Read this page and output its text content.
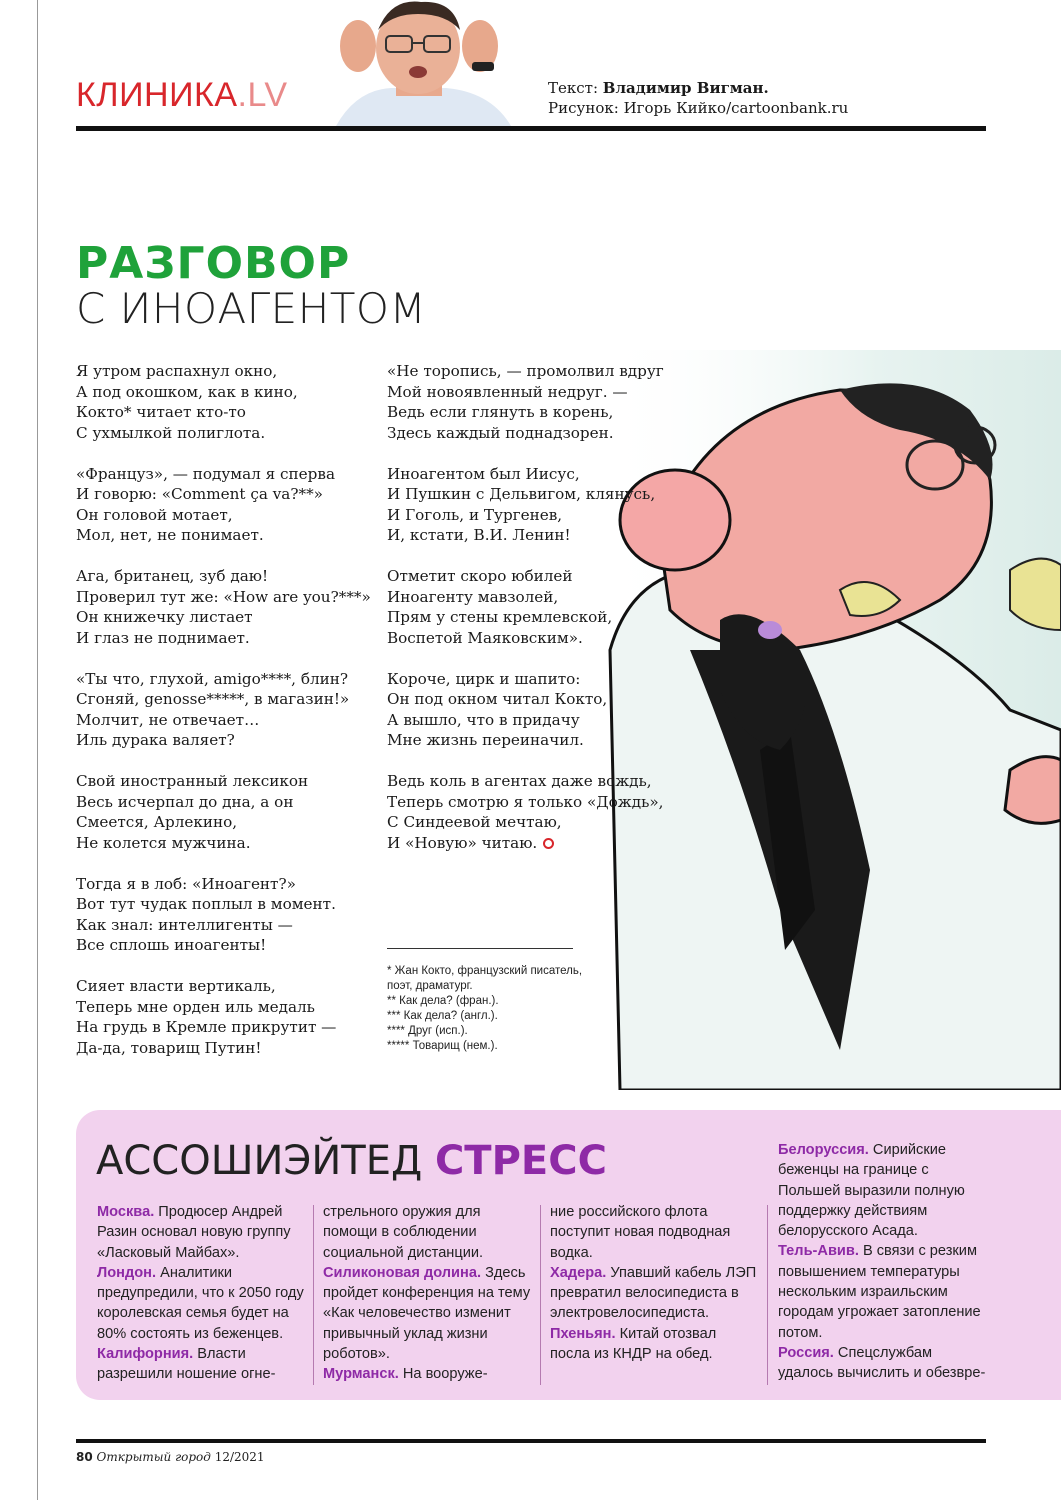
КЛИНИКА.LV	Текст: Владимир Вигман.
Рисунок: Игорь Кийко/cartoonbank.ru
РАЗГОВОР
С ИНОАГЕНТОМ
Я утром распахнул окно,
А под окошком, как в кино,
Кокто* читает кто-то
С ухмылкой полиглота.
«Француз», — подумал я сперва
И говорю: «Comment ça va?**»
Он головой мотает,
Мол, нет, не понимает.
Ага, британец, зуб даю!
Проверил тут же: «How are you?***»
Он книжечку листает
И глаз не поднимает.
«Ты что, глухой, amigo****, блин?
Сгоняй, genosse*****, в магазин!»
Молчит, не отвечает…
Иль дурака валяет?
Свой иностранный лексикон
Весь исчерпал до дна, а он
Смеется, Арлекино,
Не колется мужчина.
Тогда я в лоб: «Иноагент?»
Вот тут чудак поплыл в момент.
Как знал: интеллигенты —
Все сплошь иноагенты!
Сияет власти вертикаль,
Теперь мне орден иль медаль
На грудь в Кремле прикрутит —
Да-да, товарищ Путин!
«Не торопись, — промолвил вдруг
Мой новоявленный недруг. —
Ведь если глянуть в корень,
Здесь каждый поднадзорен.
Иноагентом был Иисус,
И Пушкин с Дельвигом, клянусь,
И Гоголь, и Тургенев,
И, кстати, В.И. Ленин!
Отметит скоро юбилей
Иноагенту мавзолей,
Прям у стены кремлевской,
Воспетой Маяковским».
Короче, цирк и шапито:
Он под окном читал Кокто,
А вышло, что в придачу
Мне жизнь переиначил.
Ведь коль в агентах даже вождь,
Теперь смотрю я только «Дождь»,
С Синдеевой мечтаю,
И «Новую» читаю.
* Жан Кокто, французский писатель,
поэт, драматург.
** Как дела? (фран.).
*** Как дела? (англ.).
**** Друг (исп.).
***** Товарищ (нем.).
АССОШИЭЙТЕД СТРЕСС
Москва. Продюсер Андрей Разин основал новую группу «Ласковый Майбах».
Лондон. Аналитики предупредили, что к 2050 году королевская семья будет на 80% состоять из беженцев.
Калифорния. Власти разрешили ношение огне-
стрельного оружия для помощи в соблюдении социальной дистанции.
Силиконовая долина. Здесь пройдет конференция на тему «Как человечество изменит привычный уклад жизни роботов».
Мурманск. На вооруже-
ние российского флота поступит новая подводная водка.
Хадера. Упавший кабель ЛЭП превратил велосипедиста в электровелосипедиста.
Пхеньян. Китай отозвал посла из КНДР на обед.
Белоруссия. Сирийские беженцы на границе с Польшей выразили полную поддержку действиям белорусского Асада.
Тель-Авив. В связи с резким повышением температуры нескольким израильским городам угрожает затопление потом.
Россия. Спецслужбам удалось вычислить и обезвре-
80 Открытый город 12/2021
